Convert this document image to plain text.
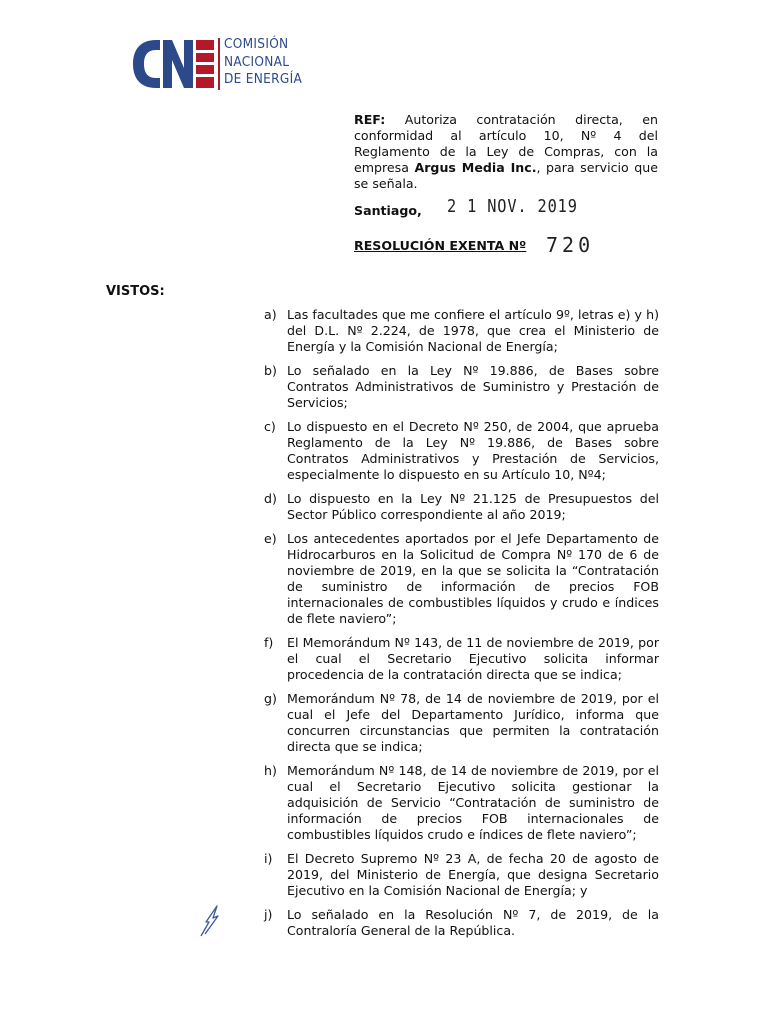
COMISIÓN
NACIONAL
DE ENERGÍA
REF: Autoriza contratación directa, en conformidad al artículo 10, Nº 4 del Reglamento de la Ley de Compras, con la empresa Argus Media Inc., para servicio que se señala.
Santiago, 2 1 NOV. 2019
RESOLUCIÓN EXENTA Nº 720
VISTOS:
a) Las facultades que me confiere el artículo 9º, letras e) y h) del D.L. Nº 2.224, de 1978, que crea el Ministerio de Energía y la Comisión Nacional de Energía;
b) Lo señalado en la Ley Nº 19.886, de Bases sobre Contratos Administrativos de Suministro y Prestación de Servicios;
c) Lo dispuesto en el Decreto Nº 250, de 2004, que aprueba Reglamento de la Ley Nº 19.886, de Bases sobre Contratos Administrativos y Prestación de Servicios, especialmente lo dispuesto en su Artículo 10, Nº4;
d) Lo dispuesto en la Ley Nº 21.125 de Presupuestos del Sector Público correspondiente al año 2019;
e) Los antecedentes aportados por el Jefe Departamento de Hidrocarburos en la Solicitud de Compra Nº 170 de 6 de noviembre de 2019, en la que se solicita la “Contratación de suministro de información de precios FOB internacionales de combustibles líquidos y crudo e índices de flete naviero”;
f)	El Memorándum Nº 143, de 11 de noviembre de 2019, por el cual el Secretario Ejecutivo solicita informar procedencia de la contratación directa que se indica;
g) Memorándum Nº 78, de 14 de noviembre de 2019, por el cual el Jefe del Departamento Jurídico, informa que concurren circunstancias que permiten la contratación directa que se indica;
h) Memorándum Nº 148, de 14 de noviembre de 2019, por el cual el Secretario Ejecutivo solicita gestionar la adquisición de Servicio “Contratación de suministro de información de precios FOB internacionales de combustibles líquidos crudo e índices de flete naviero”;
i)	El Decreto Supremo Nº 23 A, de fecha 20 de agosto de 2019, del Ministerio de Energía, que designa Secretario Ejecutivo en la Comisión Nacional de Energía; y
j)	Lo señalado en la Resolución Nº 7, de 2019, de la Contraloría General de la República.
